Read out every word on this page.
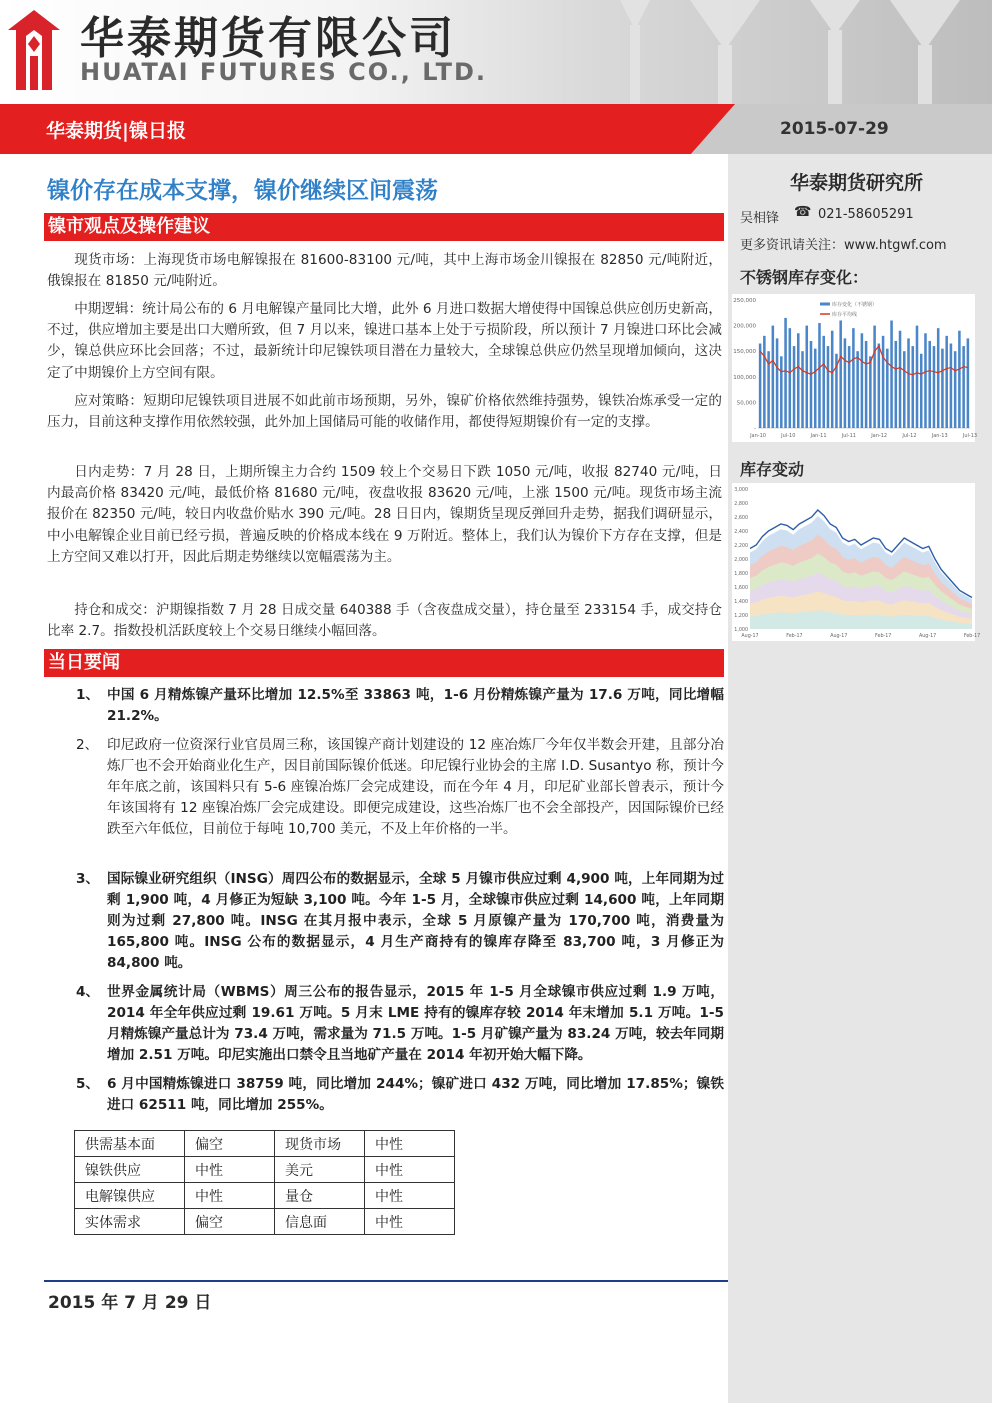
华泰期货有限公司
HUATAI FUTURES CO., LTD.
华泰期货|镍日报	2015-07-29
镍价存在成本支撑，镍价继续区间震荡
镍市观点及操作建议

现货市场：上海现货市场电解镍报在 81600-83100 元/吨，其中上海市场金川镍报在 82850 元/吨附近，俄镍报在 81850 元/吨附近。

中期逻辑：统计局公布的 6 月电解镍产量同比大增，此外 6 月进口数据大增使得中国镍总供应创历史新高，不过，供应增加主要是出口大赠所致，但 7 月以来，镍进口基本上处于亏损阶段，所以预计 7 月镍进口环比会减少，镍总供应环比会回落；不过，最新统计印尼镍铁项目潜在力量较大，全球镍总供应仍然呈现增加倾向，这决定了中期镍价上方空间有限。

应对策略：短期印尼镍铁项目进展不如此前市场预期，另外，镍矿价格依然维持强势，镍铁冶炼承受一定的压力，目前这种支撑作用依然较强，此外加上国储局可能的收储作用，都使得短期镍价有一定的支撑。

日内走势：7 月 28 日，上期所镍主力合约 1509 较上个交易日下跌 1050 元/吨，收报 82740 元/吨，日内最高价格 83420 元/吨，最低价格 81680 元/吨，夜盘收报 83620 元/吨，上涨 1500 元/吨。现货市场主流报价在 82350 元/吨，较日内收盘价贴水 390 元/吨。28 日日内，镍期货呈现反弹回升走势，据我们调研显示，中小电解镍企业目前已经亏损，普遍反映的价格成本线在 9 万附近。整体上，我们认为镍价下方存在支撑，但是上方空间又难以打开，因此后期走势继续以宽幅震荡为主。

持仓和成交：沪期镍指数 7 月 28 日成交量 640388 手（含夜盘成交量），持仓量至 233154 手，成交持仓比率 2.7。指数投机活跃度较上个交易日继续小幅回落。

当日要闻
1、 中国 6 月精炼镍产量环比增加 12.5%至 33863 吨，1-6 月份精炼镍产量为 17.6 万吨，同比增幅 21.2%。
2、 印尼政府一位资深行业官员周三称，该国镍产商计划建设的 12 座冶炼厂今年仅半数会开建，且部分冶炼厂也不会开始商业化生产，因目前国际镍价低迷。印尼镍行业协会的主席 I.D. Susantyo 称，预计今年年底之前，该国料只有 5-6 座镍冶炼厂会完成建设，而在今年 4 月，印尼矿业部长曾表示，预计今年该国将有 12 座镍冶炼厂会完成建设。即便完成建设，这些冶炼厂也不会全部投产，因国际镍价已经跌至六年低位，目前位于每吨 10,700 美元，不及上年价格的一半。
3、 国际镍业研究组织（INSG）周四公布的数据显示，全球 5 月镍市供应过剩 4,900 吨，上年同期为过剩 1,900 吨，4 月修正为短缺 3,100 吨。今年 1-5 月，全球镍市供应过剩 14,600 吨，上年同期则为过剩 27,800 吨。INSG 在其月报中表示，全球 5 月原镍产量为 170,700 吨，消费量为 165,800 吨。INSG 公布的数据显示，4 月生产商持有的镍库存降至 83,700 吨，3 月修正为 84,800 吨。
4、 世界金属统计局（WBMS）周三公布的报告显示，2015 年 1-5 月全球镍市供应过剩 1.9 万吨，2014 年全年供应过剩 19.61 万吨。5 月末 LME 持有的镍库存较 2014 年末增加 5.1 万吨。1-5 月精炼镍产量总计为 73.4 万吨，需求量为 71.5 万吨。1-5 月矿镍产量为 83.24 万吨，较去年同期增加 2.51 万吨。印尼实施出口禁令且当地矿产量在 2014 年初开始大幅下降。
5、 6 月中国精炼镍进口 38759 吨，同比增加 244%；镍矿进口 432 万吨，同比增加 17.85%；镍铁进口 62511 吨，同比增加 255%。
供需基本面	偏空	现货市场	中性
镍铁供应	中性	美元	中性
电解镍供应	中性	量仓	中性
实体需求	偏空	信息面	中性
2015 年 7 月 29 日
华泰期货研究所
吴相锋 ☎ 021-58605291
更多资讯请关注：www.htgwf.com
不锈钢库存变化：
250,000
200,000
150,000
100,000
50,000
-
Jan-10	Jul-10	Jan-11	Jul-11	Jan-12	Jul-12	Jan-13	Jul-13
库存变化（不锈钢）
库存平均线
库存变动
3,000
2,800
2,600
2,400
2,200
2,000
1,800
1,600
1,400
1,200
1,000
Aug-17	Feb-17	Aug-17	Feb-17	Aug-17	Feb-17
